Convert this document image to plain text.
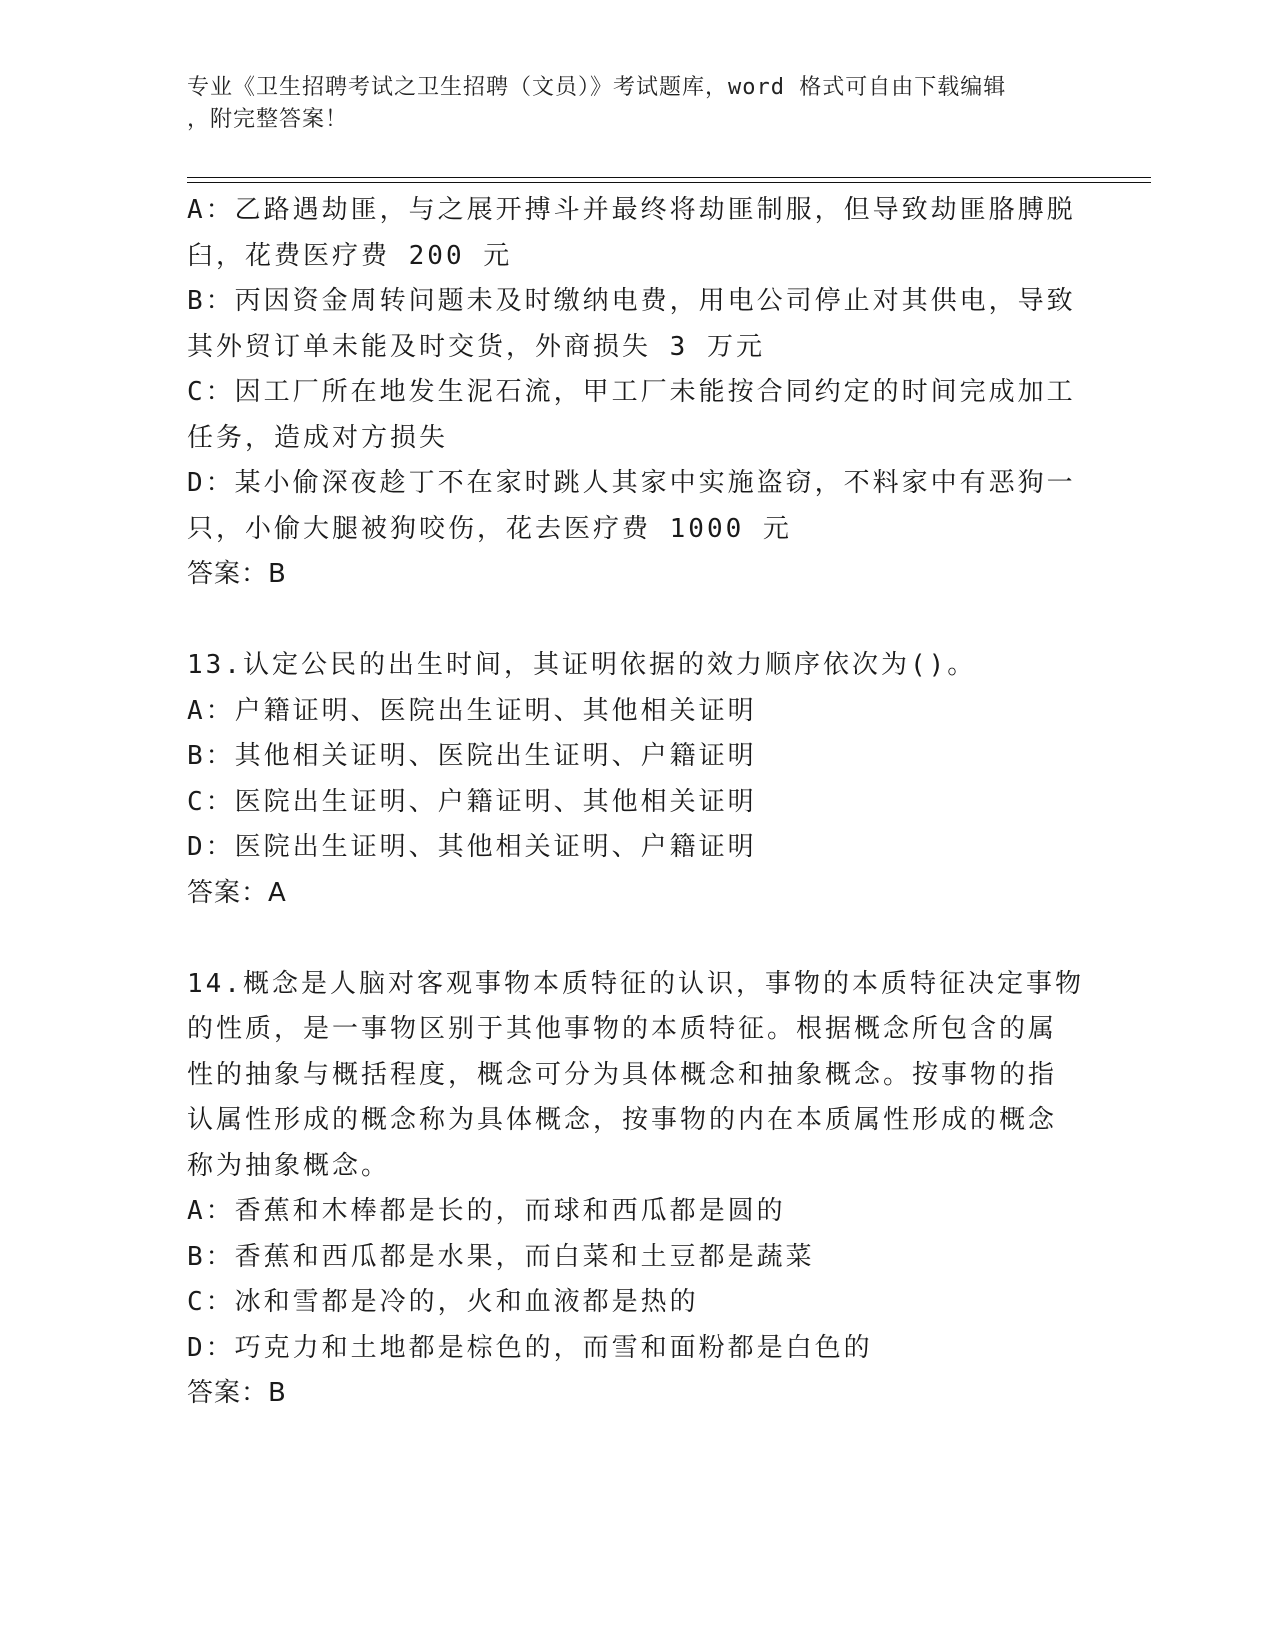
专业《卫生招聘考试之卫生招聘（文员）》考试题库，word 格式可自由下载编辑
，附完整答案！
A：乙路遇劫匪，与之展开搏斗并最终将劫匪制服，但导致劫匪胳膊脱
臼，花费医疗费 200 元
B：丙因资金周转问题未及时缴纳电费，用电公司停止对其供电，导致
其外贸订单未能及时交货，外商损失 3 万元
C：因工厂所在地发生泥石流，甲工厂未能按合同约定的时间完成加工
任务，造成对方损失
D：某小偷深夜趁丁不在家时跳人其家中实施盗窃，不料家中有恶狗一
只，小偷大腿被狗咬伤，花去医疗费 1000 元
答案：B
13.认定公民的出生时间，其证明依据的效力顺序依次为()。
A：户籍证明、医院出生证明、其他相关证明
B：其他相关证明、医院出生证明、户籍证明
C：医院出生证明、户籍证明、其他相关证明
D：医院出生证明、其他相关证明、户籍证明
答案：A
14.概念是人脑对客观事物本质特征的认识，事物的本质特征决定事物
的性质，是一事物区别于其他事物的本质特征。根据概念所包含的属
性的抽象与概括程度，概念可分为具体概念和抽象概念。按事物的指
认属性形成的概念称为具体概念，按事物的内在本质属性形成的概念
称为抽象概念。
A：香蕉和木棒都是长的，而球和西瓜都是圆的
B：香蕉和西瓜都是水果，而白菜和土豆都是蔬菜
C：冰和雪都是冷的，火和血液都是热的
D：巧克力和土地都是棕色的，而雪和面粉都是白色的
答案：B
